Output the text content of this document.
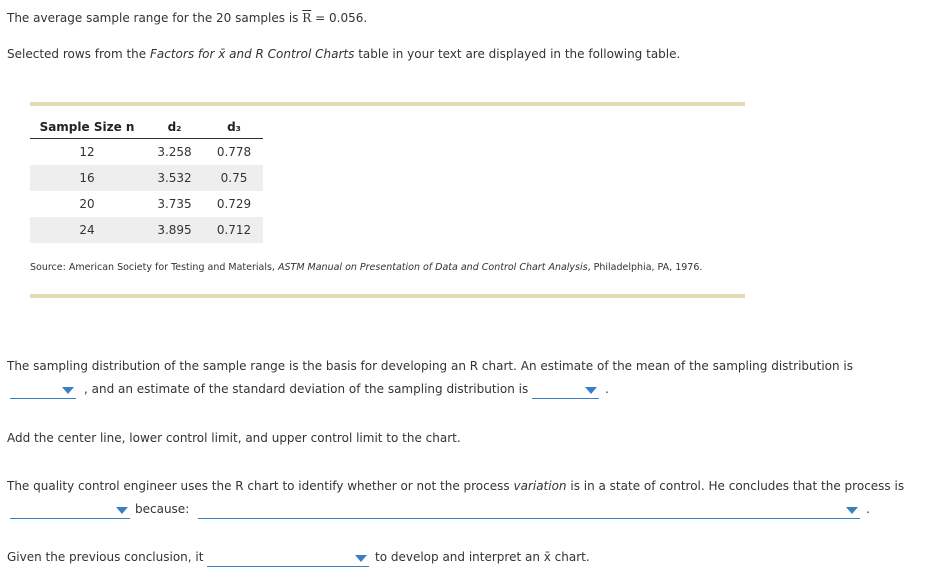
The average sample range for the 20 samples is $\overline{R} = 0.056$.
Selected rows from the Factors for x̄ and R Control Charts table in your text are displayed in the following table.
Sample Size n	d₂	d₃
12	3.258	0.778
16	3.532	0.75
20	3.735	0.729
24	3.895	0.712
Source: American Society for Testing and Materials, ASTM Manual on Presentation of Data and Control Chart Analysis, Philadelphia, PA, 1976.
The sampling distribution of the sample range is the basis for developing an R chart. An estimate of the mean of the sampling distribution is
, and an estimate of the standard deviation of the sampling distribution is	.
Add the center line, lower control limit, and upper control limit to the chart.
The quality control engineer uses the R chart to identify whether or not the process variation is in a state of control. He concludes that the process is
because:	.
Given the previous conclusion, it	to develop and interpret an x̄ chart.
